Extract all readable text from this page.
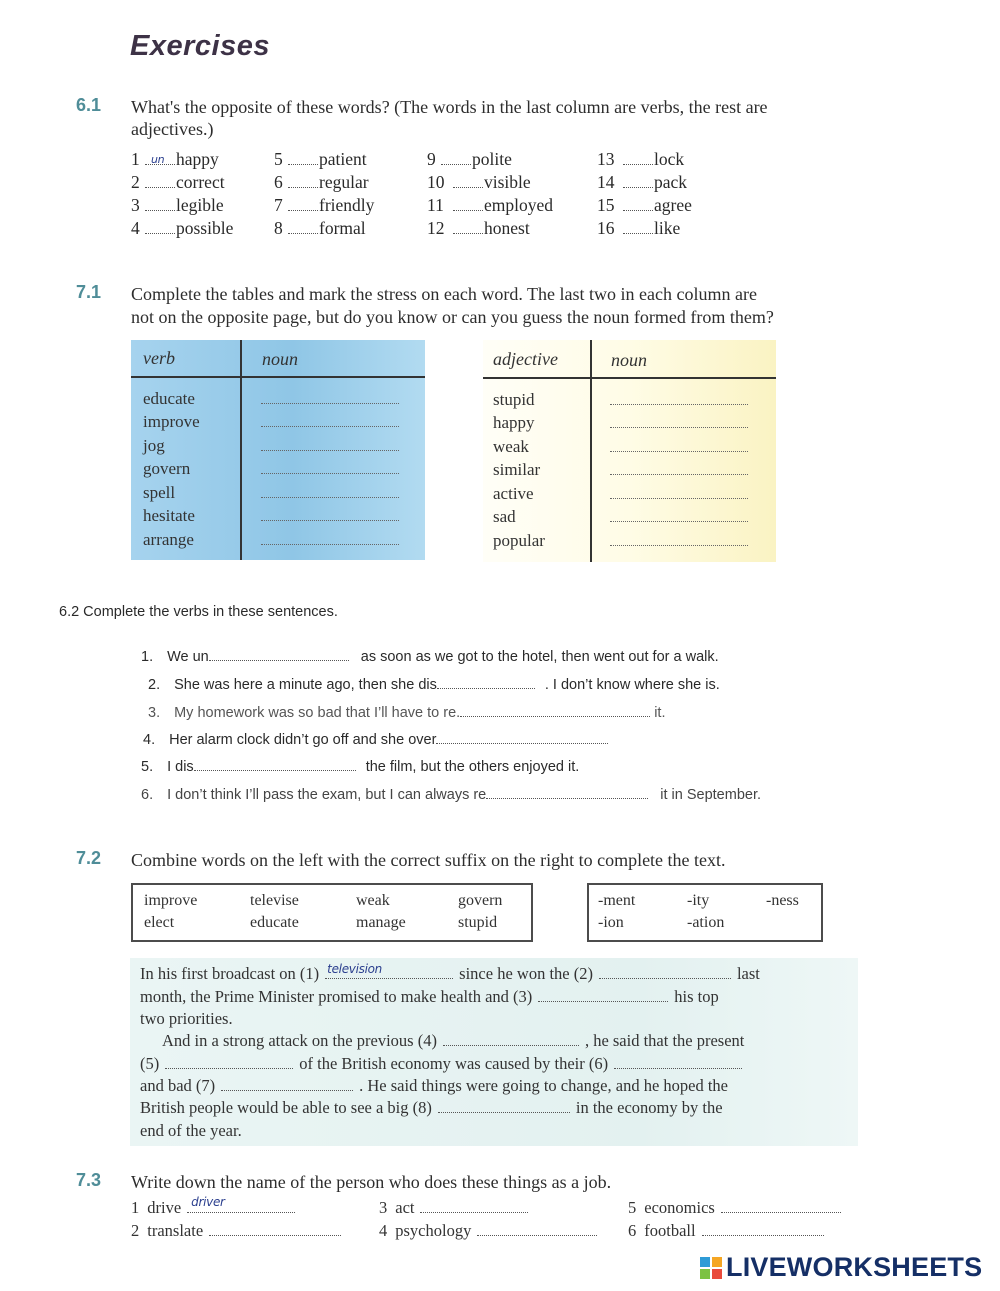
Exercises
6.1 What's the opposite of these words? (The words in the last column are verbs, the rest are
adjectives.)
1 un happy
2 correct
3 legible
4 possible
5 patient
6 regular
7 friendly
8 formal
9 polite
10 visible
11 employed
12 honest
13 lock
14 pack
15 agree
16 like
7.1 Complete the tables and mark the stress on each word. The last two in each column are
not on the opposite page, but do you know or can you guess the noun formed from them?
verb	noun
educate
improve
jog
govern
spell
hesitate
arrange
adjective	noun
stupid
happy
weak
similar
active
sad
popular
6.2 Complete the verbs in these sentences.
1. We un	as soon as we got to the hotel, then went out for a walk.
2. She was here a minute ago, then she dis	. I don’t know where she is.
3. My homework was so bad that I’ll have to re.	it.
4. Her alarm clock didn’t go off and she over
5. I dis	the film, but the others enjoyed it.
6. I don’t think I’ll pass the exam, but I can always re	it in September.
7.2 Combine words on the left with the correct suffix on the right to complete the text.
improve	televise	weak	govern
elect	educate	manage	stupid
-ment	-ity	-ness
-ion	-ation
In his first broadcast on (1) television	since he won the (2)	last
month, the Prime Minister promised to make health and (3)	his top
two priorities.
And in a strong attack on the previous (4)	, he said that the present
(5)	of the British economy was caused by their (6)
and bad (7)	. He said things were going to change, and he hoped the
British people would be able to see a big (8)	in the economy by the
end of the year.
7.3 Write down the name of the person who does these things as a job.
1 drive driver
2 translate
3 act
4 psychology
5 economics
6 football
LIVEWORKSHEETS
